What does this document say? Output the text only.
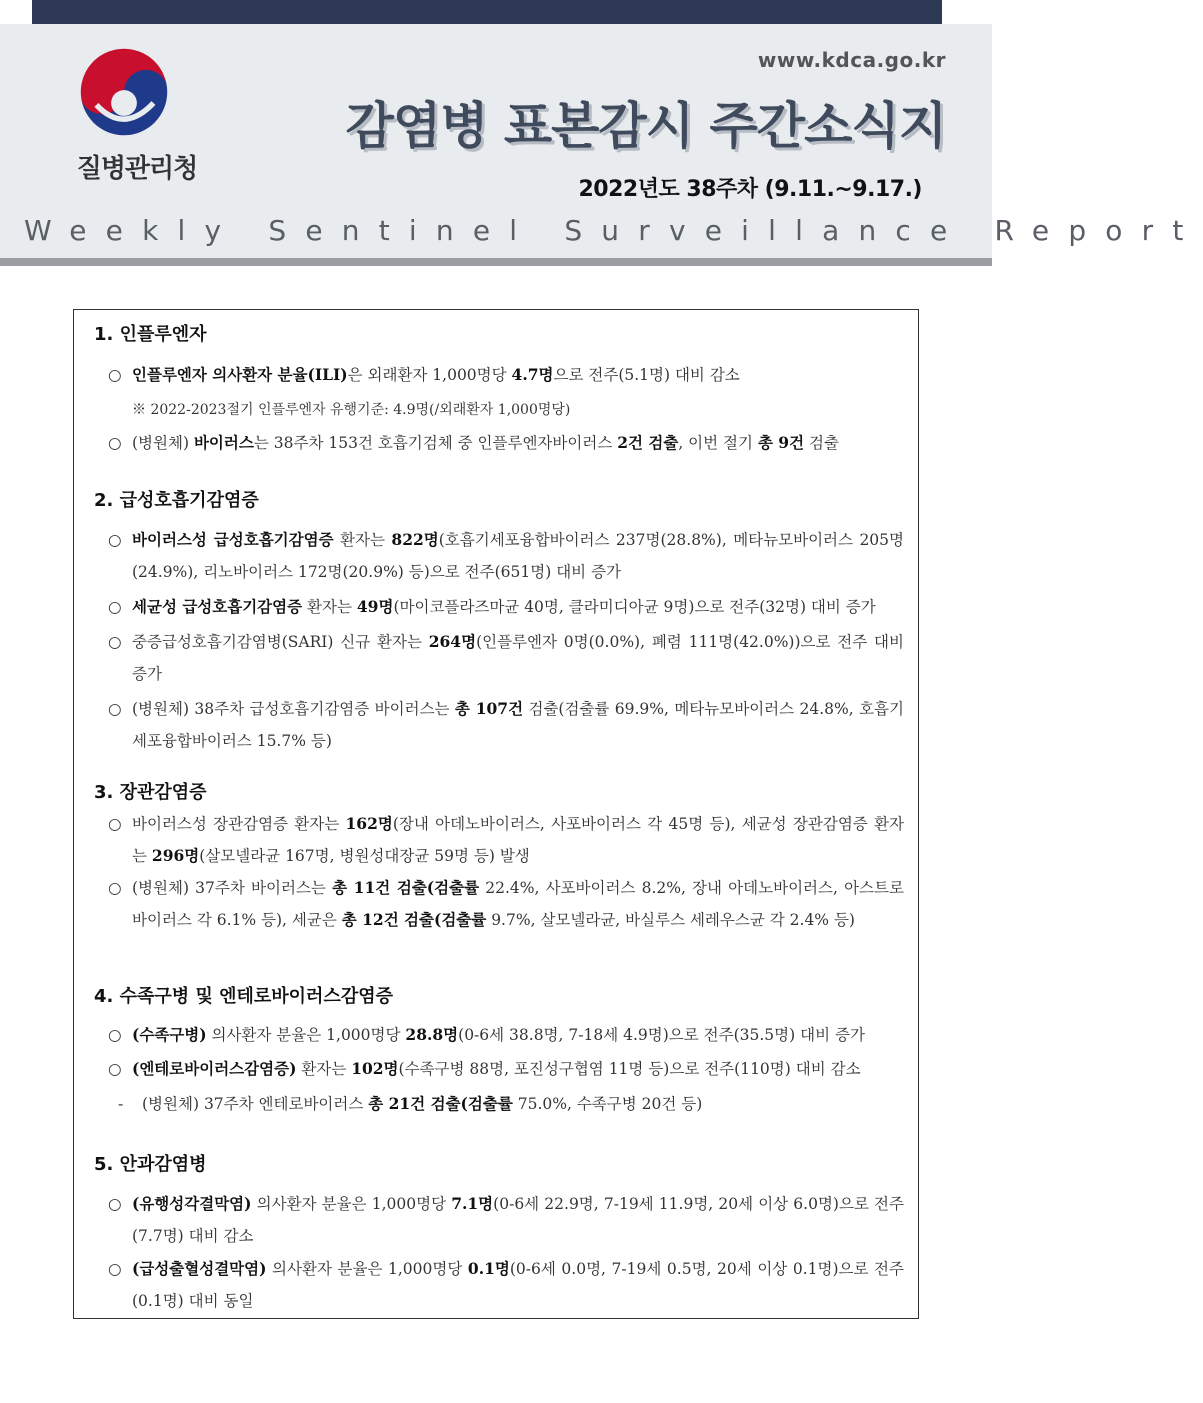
질병관리청
www.kdca.go.kr
감염병 표본감시 주간소식지
2022년도 38주차 (9.11.~9.17.)
Weekly Sentinel Surveillance Report
1. 인플루엔자
○ 인플루엔자 의사환자 분율(ILI)은 외래환자 1,000명당 4.7명으로 전주(5.1명) 대비 감소
※ 2022-2023절기 인플루엔자 유행기준: 4.9명(/외래환자 1,000명당)
○ (병원체) 바이러스는 38주차 153건 호흡기검체 중 인플루엔자바이러스 2건 검출, 이번 절기 총 9건 검출
2. 급성호흡기감염증
○ 바이러스성 급성호흡기감염증 환자는 822명(호흡기세포융합바이러스 237명(28.8%), 메타뉴모바이러스 205명(24.9%), 리노바이러스 172명(20.9%) 등)으로 전주(651명) 대비 증가
○ 세균성 급성호흡기감염증 환자는 49명(마이코플라즈마균 40명, 클라미디아균 9명)으로 전주(32명) 대비 증가
○ 중증급성호흡기감염병(SARI) 신규 환자는 264명(인플루엔자 0명(0.0%), 폐렴 111명(42.0%))으로 전주 대비 증가
○ (병원체) 38주차 급성호흡기감염증 바이러스는 총 107건 검출(검출률 69.9%, 메타뉴모바이러스 24.8%, 호흡기세포융합바이러스 15.7% 등)
3. 장관감염증
○ 바이러스성 장관감염증 환자는 162명(장내 아데노바이러스, 사포바이러스 각 45명 등), 세균성 장관감염증 환자는 296명(살모넬라균 167명, 병원성대장균 59명 등) 발생
○ (병원체) 37주차 바이러스는 총 11건 검출(검출률 22.4%, 사포바이러스 8.2%, 장내 아데노바이러스, 아스트로바이러스 각 6.1% 등), 세균은 총 12건 검출(검출률 9.7%, 살모넬라균, 바실루스 세레우스균 각 2.4% 등)
4. 수족구병 및 엔테로바이러스감염증
○ (수족구병) 의사환자 분율은 1,000명당 28.8명(0-6세 38.8명, 7-18세 4.9명)으로 전주(35.5명) 대비 증가
○ (엔테로바이러스감염증) 환자는 102명(수족구병 88명, 포진성구협염 11명 등)으로 전주(110명) 대비 감소
-	(병원체) 37주차 엔테로바이러스 총 21건 검출(검출률 75.0%, 수족구병 20건 등)
5. 안과감염병
○ (유행성각결막염) 의사환자 분율은 1,000명당 7.1명(0-6세 22.9명, 7-19세 11.9명, 20세 이상 6.0명)으로 전주(7.7명) 대비 감소
○ (급성출혈성결막염) 의사환자 분율은 1,000명당 0.1명(0-6세 0.0명, 7-19세 0.5명, 20세 이상 0.1명)으로 전주(0.1명) 대비 동일
